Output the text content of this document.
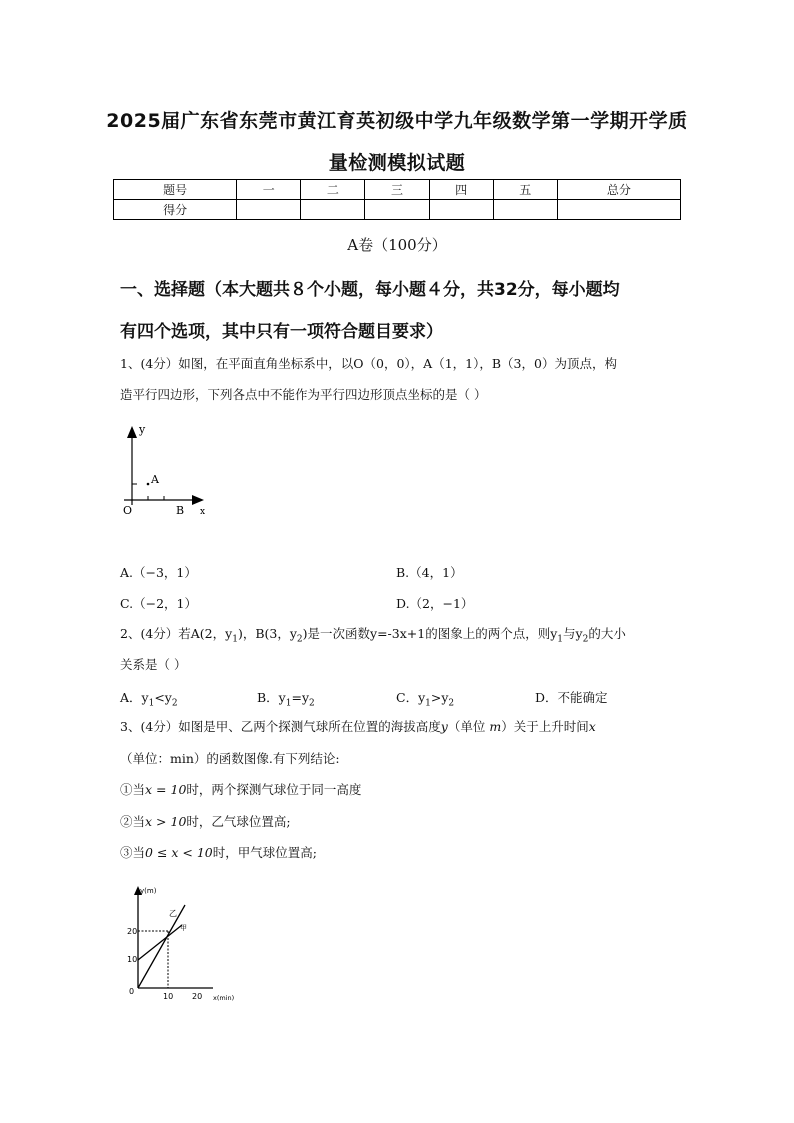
2025届广东省东莞市黄江育英初级中学九年级数学第一学期开学质
量检测模拟试题
题号	一	二	三	四	五	总分
得分						
A卷（100分）
一、选择题（本大题共８个小题，每小题４分，共32分，每小题均
有四个选项，其中只有一项符合题目要求）
1、(4分）如图，在平面直角坐标系中，以O（0，0），A（1，1），B（3，0）为顶点，构
造平行四边形，下列各点中不能作为平行四边形顶点坐标的是（ ）
y
x
O
A
B
A.（−3，1）	B.（4，1）
C.（−2，1）	D.（2，−1）
2、(4分）若A(2，$y_1$)，B(3，$y_2$)是一次函数y=-3x+1的图象上的两个点，则$y_1$与$y_2$的大小
关系是（ ）
A．$y_1<y_2$	B．$y_1=y_2$	C．$y_1>y_2$	D．不能确定
3、(4分）如图是甲、乙两个探测气球所在位置的海拔高度y（单位 m）关于上升时间x
（单位：min）的函数图像.有下列结论:
①当x = 10时，两个探测气球位于同一高度
②当x > 10时，乙气球位置高;
③当0 ≤ x < 10时，甲气球位置高;
y(m)
x(min)
乙
甲
20
10
0
10 20
